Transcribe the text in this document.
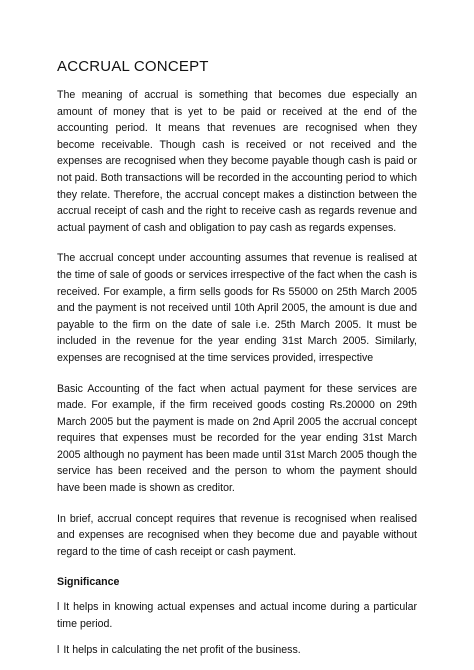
ACCRUAL CONCEPT

The meaning of accrual is something that becomes due especially an amount of money that is yet to be paid or received at the end of the accounting period. It means that revenues are recognised when they become receivable. Though cash is received or not received and the expenses are recognised when they become payable though cash is paid or not paid. Both transactions will be recorded in the accounting period to which they relate. Therefore, the accrual concept makes a distinction between the accrual receipt of cash and the right to receive cash as regards revenue and actual payment of cash and obligation to pay cash as regards expenses.

The accrual concept under accounting assumes that revenue is realised at the time of sale of goods or services irrespective of the fact when the cash is received. For example, a firm sells goods for Rs 55000 on 25th March 2005 and the payment is not received until 10th April 2005, the amount is due and payable to the firm on the date of sale i.e. 25th March 2005. It must be included in the revenue for the year ending 31st March 2005. Similarly, expenses are recognised at the time services provided, irrespective

Basic Accounting of the fact when actual payment for these services are made. For example, if the firm received goods costing Rs.20000 on 29th March 2005 but the payment is made on 2nd April 2005 the accrual concept requires that expenses must be recorded for the year ending 31st March 2005 although no payment has been made until 31st March 2005 though the service has been received and the person to whom the payment should have been made is shown as creditor.

In brief, accrual concept requires that revenue is recognised when realised and expenses are recognised when they become due and payable without regard to the time of cash receipt or cash payment.

Significance

l It helps in knowing actual expenses and actual income during a particular time period.

l It helps in calculating the net profit of the business.
